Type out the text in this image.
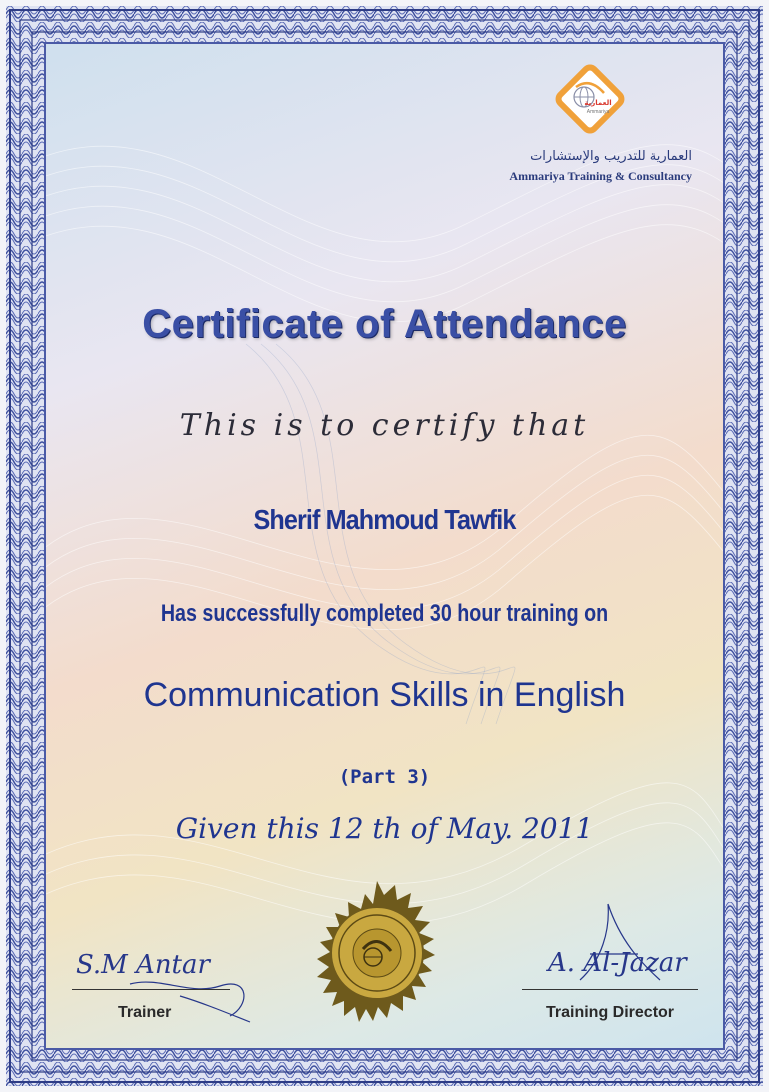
العمارية
Ammariya
العمارية للتدريب والإستشارات
Ammariya Training & Consultancy
Certificate of Attendance
This is to certify that
Sherif Mahmoud Tawfik
Has successfully completed 30 hour training on
Communication Skills in English
(Part 3)
Given this 12 th of May. 2011
S.M Antar
Trainer
A. Al-Jazar
Training Director
